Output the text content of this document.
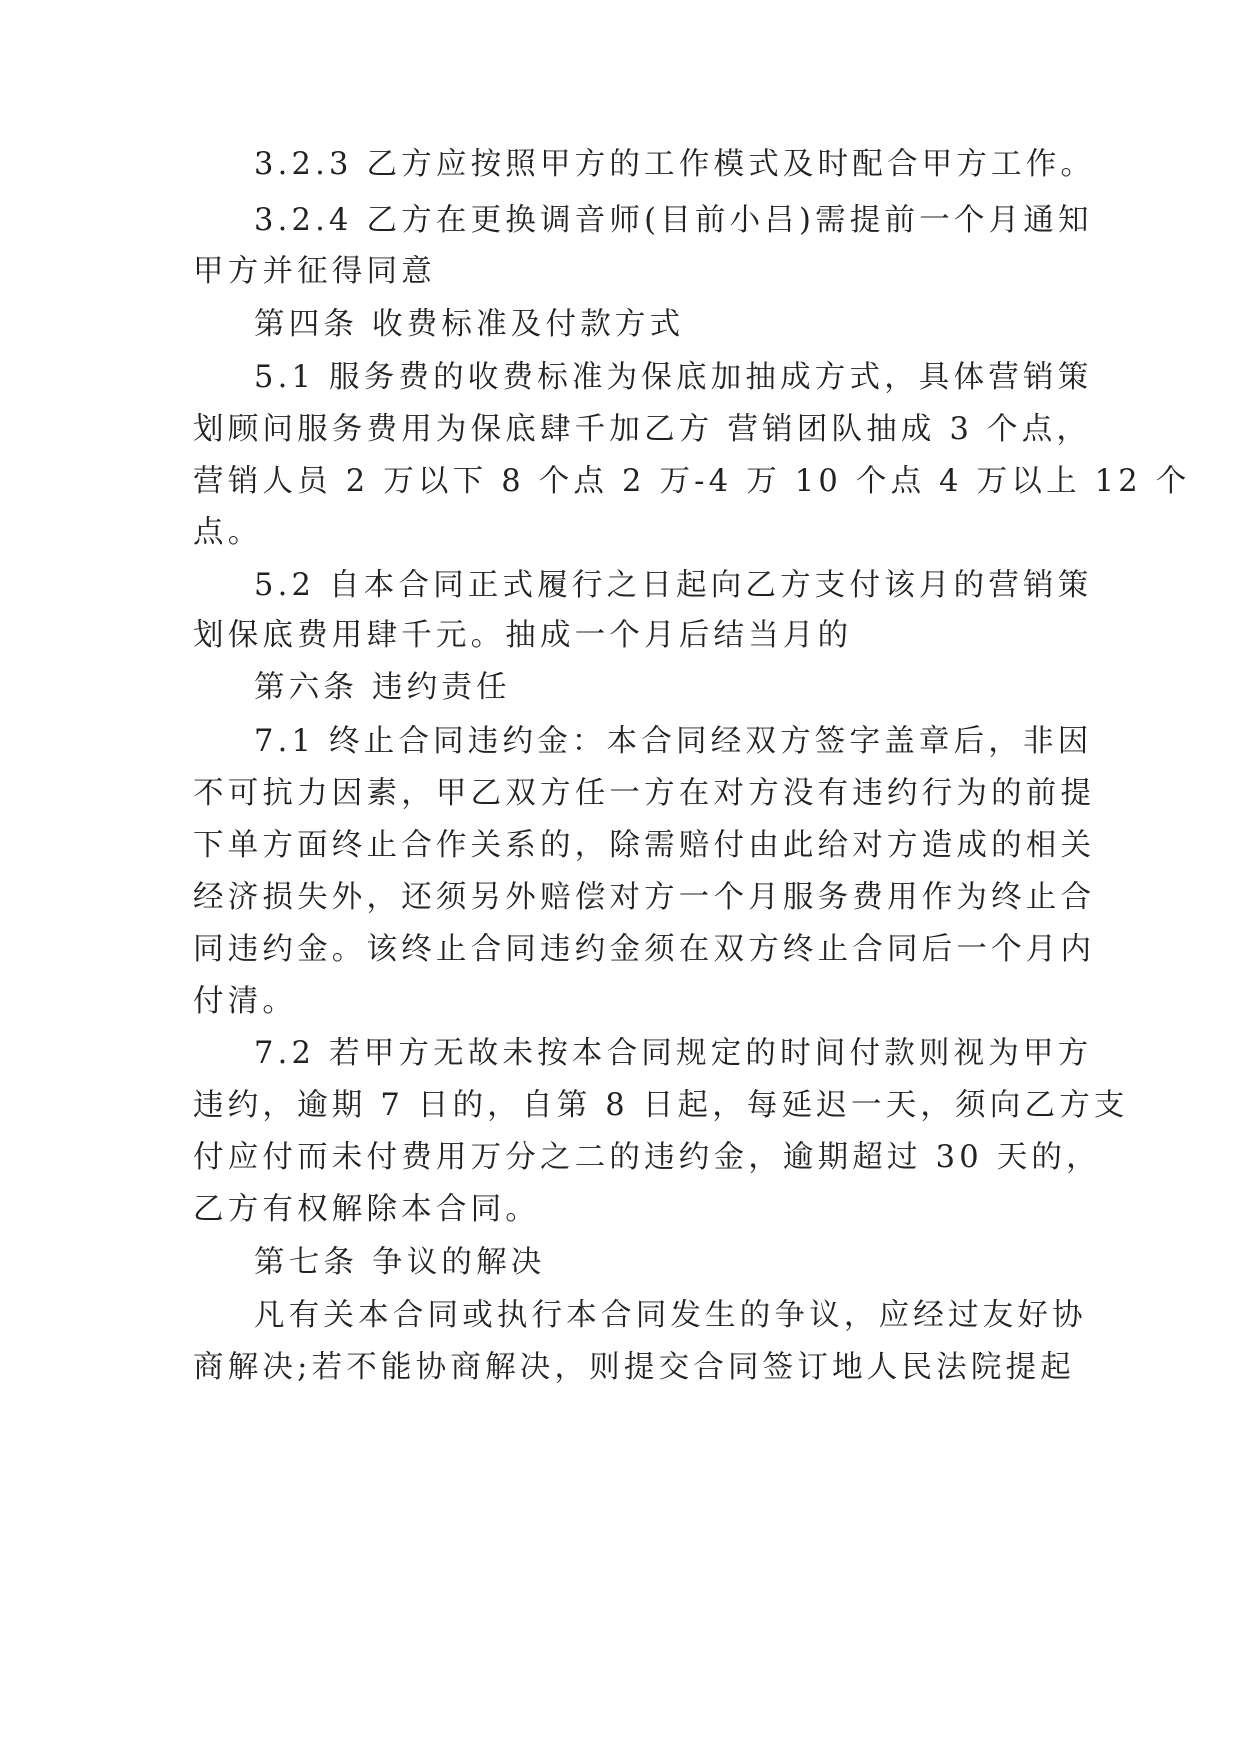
3.2.3 乙方应按照甲方的工作模式及时配合甲方工作。
3.2.4 乙方在更换调音师(目前小吕)需提前一个月通知
甲方并征得同意
第四条 收费标准及付款方式
5.1 服务费的收费标准为保底加抽成方式，具体营销策
划顾问服务费用为保底肆千加乙方 营销团队抽成 3 个点，
营销人员 2 万以下 8 个点 2 万-4 万 10 个点 4 万以上 12 个
点。
5.2 自本合同正式履行之日起向乙方支付该月的营销策
划保底费用肆千元。抽成一个月后结当月的
第六条 违约责任
7.1 终止合同违约金：本合同经双方签字盖章后，非因
不可抗力因素，甲乙双方任一方在对方没有违约行为的前提
下单方面终止合作关系的，除需赔付由此给对方造成的相关
经济损失外，还须另外赔偿对方一个月服务费用作为终止合
同违约金。该终止合同违约金须在双方终止合同后一个月内
付清。
7.2 若甲方无故未按本合同规定的时间付款则视为甲方
违约，逾期 7 日的，自第 8 日起，每延迟一天，须向乙方支
付应付而未付费用万分之二的违约金，逾期超过 30 天的，
乙方有权解除本合同。
第七条 争议的解决
凡有关本合同或执行本合同发生的争议，应经过友好协
商解决;若不能协商解决，则提交合同签订地人民法院提起
